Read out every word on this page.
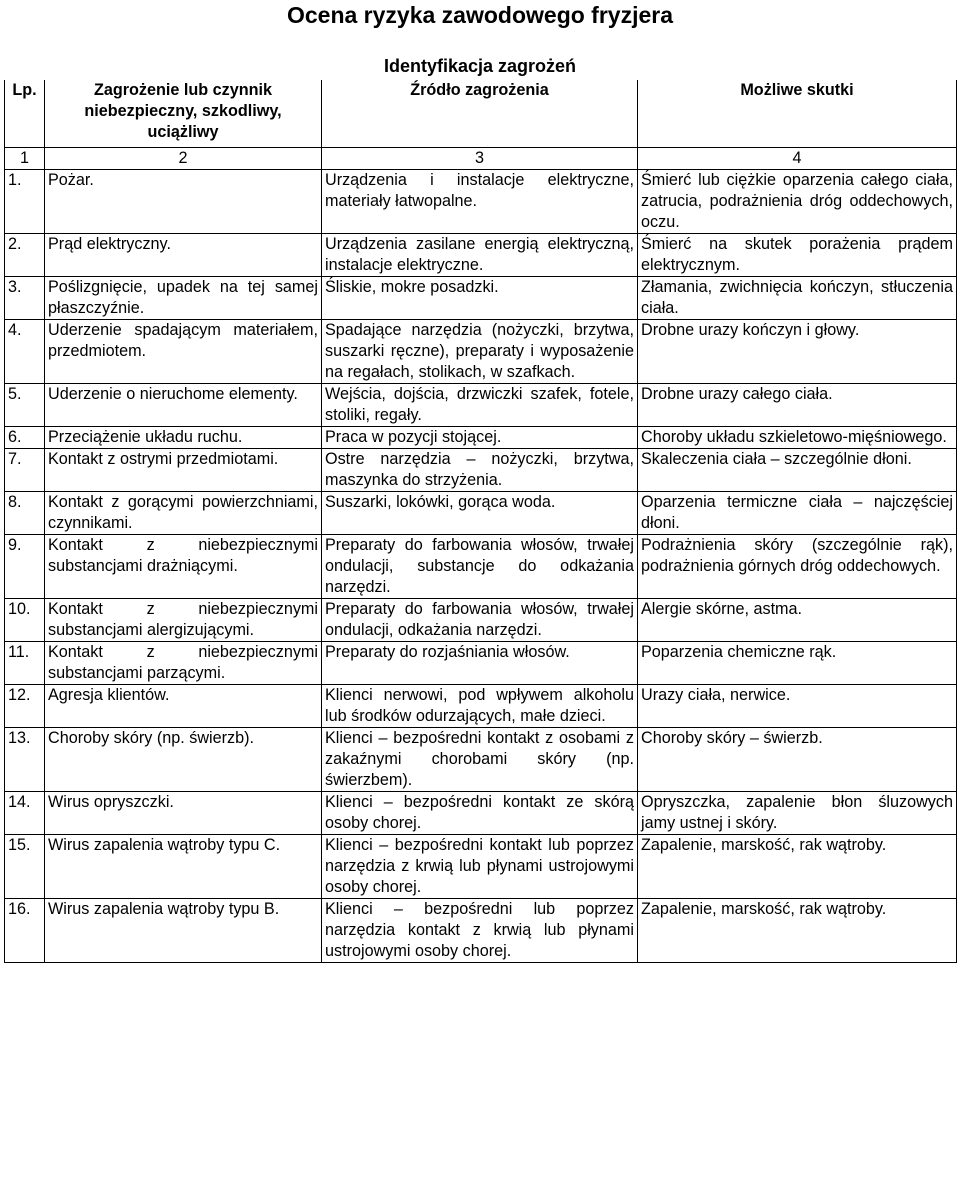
Ocena ryzyka zawodowego fryzjera
Identyfikacja zagrożeń
Lp.	Zagrożenie lub czynnik niebezpieczny, szkodliwy, uciążliwy	Źródło zagrożenia	Możliwe skutki
1	2	3	4
1.	Pożar.	Urządzenia i instalacje elektryczne, materiały łatwopalne.	Śmierć lub ciężkie oparzenia całego ciała, zatrucia, podrażnienia dróg oddechowych, oczu.
2.	Prąd elektryczny.	Urządzenia zasilane energią elektryczną, instalacje elektryczne.	Śmierć na skutek porażenia prądem elektrycznym.
3.	Poślizgnięcie, upadek na tej samej płaszczyźnie.	Śliskie, mokre posadzki.	Złamania, zwichnięcia kończyn, stłuczenia ciała.
4.	Uderzenie spadającym materiałem, przedmiotem.	Spadające narzędzia (nożyczki, brzytwa, suszarki ręczne), preparaty i wyposażenie na regałach, stolikach, w szafkach.	Drobne urazy kończyn i głowy.
5.	Uderzenie o nieruchome elementy.	Wejścia, dojścia, drzwiczki szafek, fotele, stoliki, regały.	Drobne urazy całego ciała.
6.	Przeciążenie układu ruchu.	Praca w pozycji stojącej.	Choroby układu szkieletowo-mięśniowego.
7.	Kontakt z ostrymi przedmiotami.	Ostre narzędzia – nożyczki, brzytwa, maszynka do strzyżenia.	Skaleczenia ciała – szczególnie dłoni.
8.	Kontakt z gorącymi powierzchniami, czynnikami.	Suszarki, lokówki, gorąca woda.	Oparzenia termiczne ciała – najczęściej dłoni.
9.	Kontakt z niebezpiecznymi substancjami drażniącymi.	Preparaty do farbowania włosów, trwałej ondulacji, substancje do odkażania narzędzi.	Podrażnienia skóry (szczególnie rąk), podrażnienia górnych dróg oddechowych.
10.	Kontakt z niebezpiecznymi substancjami alergizującymi.	Preparaty do farbowania włosów, trwałej ondulacji, odkażania narzędzi.	Alergie skórne, astma.
11.	Kontakt z niebezpiecznymi substancjami parzącymi.	Preparaty do rozjaśniania włosów.	Poparzenia chemiczne rąk.
12.	Agresja klientów.	Klienci nerwowi, pod wpływem alkoholu lub środków odurzających, małe dzieci.	Urazy ciała, nerwice.
13.	Choroby skóry (np. świerzb).	Klienci – bezpośredni kontakt z osobami z zakaźnymi chorobami skóry (np. świerzbem).	Choroby skóry – świerzb.
14.	Wirus opryszczki.	Klienci – bezpośredni kontakt ze skórą osoby chorej.	Opryszczka, zapalenie błon śluzowych jamy ustnej i skóry.
15.	Wirus zapalenia wątroby typu C.	Klienci – bezpośredni kontakt lub poprzez narzędzia z krwią lub płynami ustrojowymi osoby chorej.	Zapalenie, marskość, rak wątroby.
16.	Wirus zapalenia wątroby typu B.	Klienci – bezpośredni lub poprzez narzędzia kontakt z krwią lub płynami ustrojowymi osoby chorej.	Zapalenie, marskość, rak wątroby.
